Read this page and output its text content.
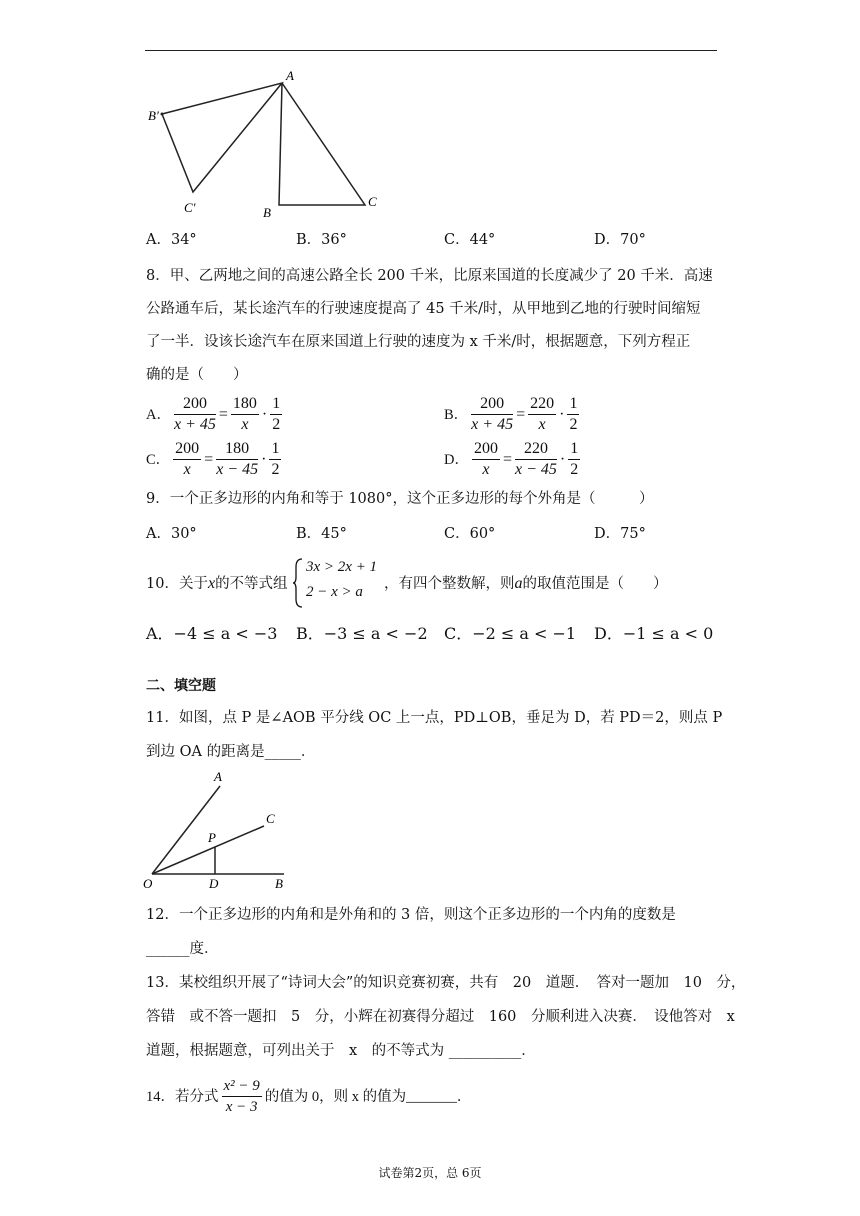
A
B′
C′	B
C
A．34°	B．36°	C．44°	D．70°
8．甲、乙两地之间的高速公路全长 200 千米，比原来国道的长度减少了 20 千米．高速
公路通车后，某长途汽车的行驶速度提高了 45 千米/时，从甲地到乙地的行驶时间缩短
了一半．设该长途汽车在原来国道上行驶的速度为 x 千米/时，根据题意，下列方程正
确的是（　　）
A． $\frac{200}{x + 45} = \frac{180}{x} \cdot \frac{1}{2}$	B． $\frac{200}{x + 45} = \frac{220}{x} \cdot \frac{1}{2}$
C． $\frac{200}{x} = \frac{180}{x - 45} \cdot \frac{1}{2}$	D． $\frac{200}{x} = \frac{220}{x - 45} \cdot \frac{1}{2}$
9．一个正多边形的内角和等于 1080°，这个正多边形的每个外角是（　　　）
A．30°	B．45°	C．60°	D．75°
10．关于x的不等式组
3x > 2x + 1
2 − x > a ，有四个整数解，则a的取值范围是（　　）
A．−4 ≤ a < −3 B．−3 ≤ a < −2 C．−2 ≤ a < −1 D．−1 ≤ a < 0
二、填空题
11．如图，点 P 是∠AOB 平分线 OC 上一点，PD⊥OB，垂足为 D，若 PD＝2，则点 P
到边 OA 的距离是_____．
A
C
P
O	D	B
12．一个正多边形的内角和是外角和的 3 倍，则这个正多边形的一个内角的度数是
______度．
13．某校组织开展了“诗词大会”的知识竞赛初赛，共有　20　道题．　答对一题加　10　分，
答错　或不答一题扣　5　分，小辉在初赛得分超过　160　分顺利进入决赛．　设他答对　x
道题，根据题意，可列出关于　x　的不等式为 __________．
14．若分式 $\frac{\text{x² − 9}}{x - 3}$ 的值为 0，则 x 的值为_______．
试卷第2页，总 6页
